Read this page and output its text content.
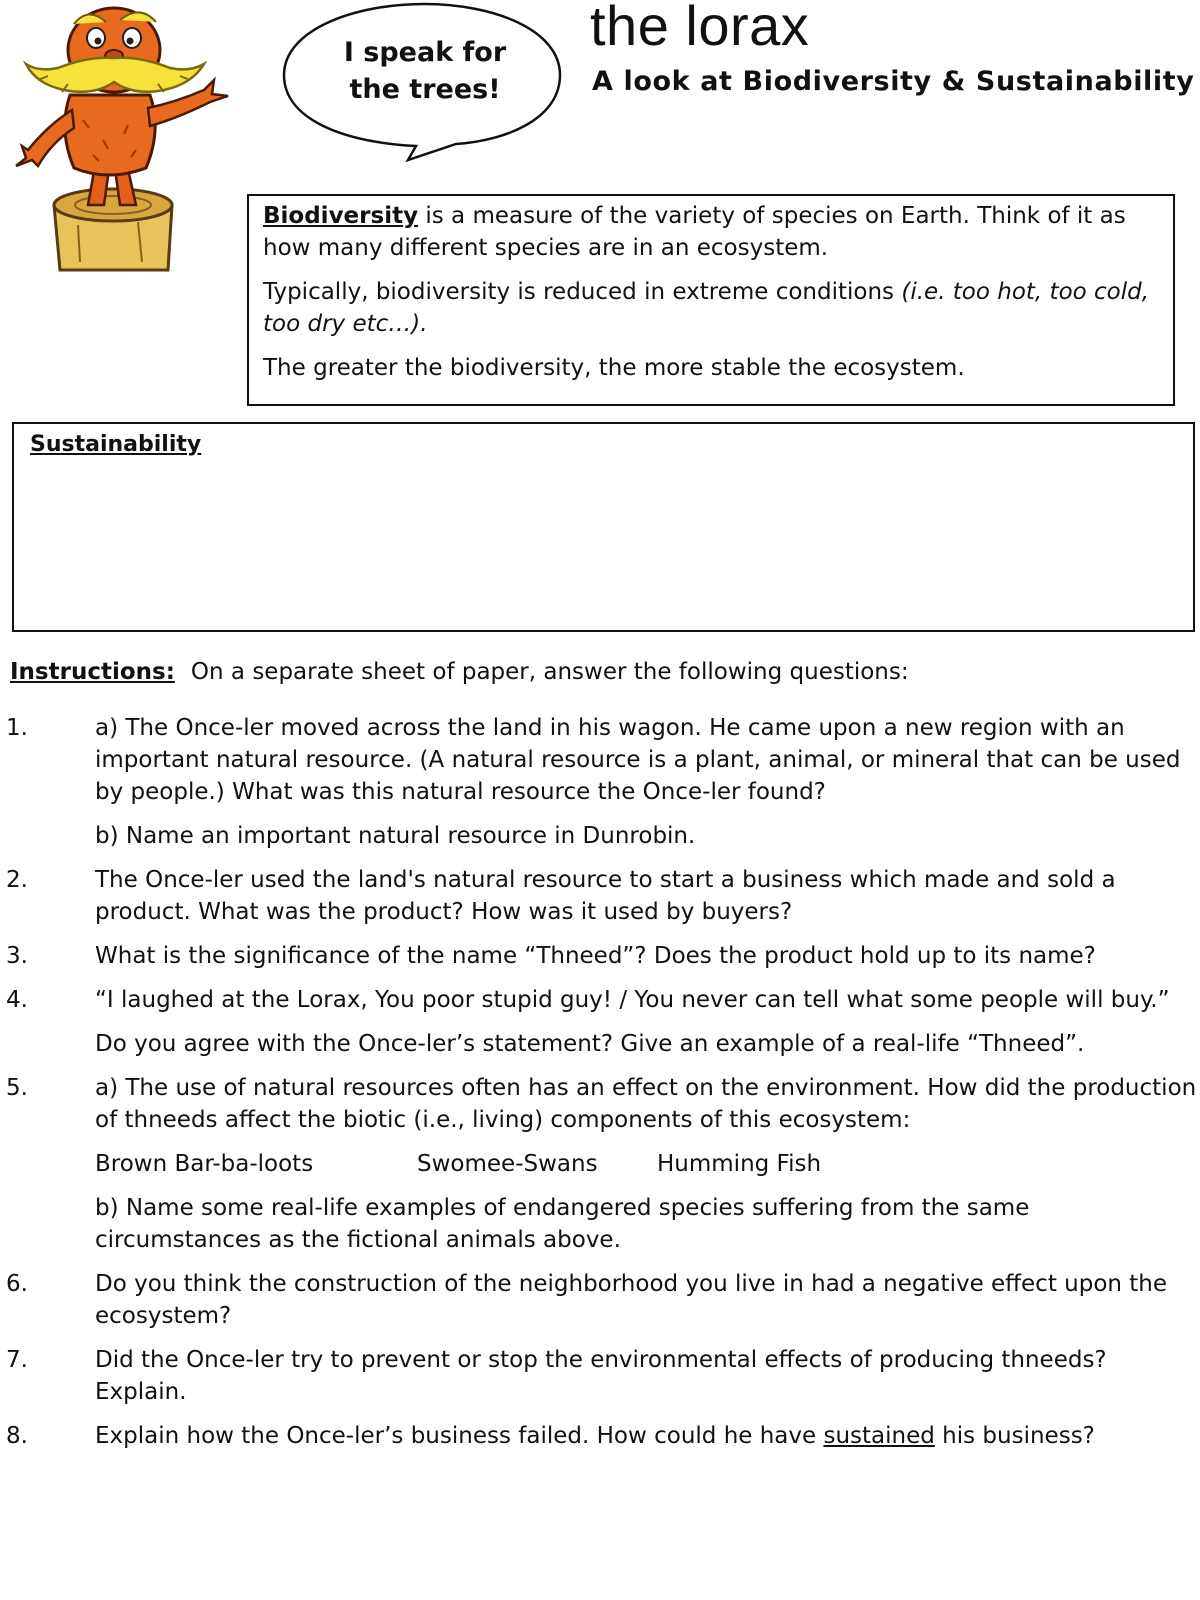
I speak for
the trees!
the lorax
A look at Biodiversity & Sustainability

Biodiversity is a measure of the variety of species on Earth. Think of it as how many different species are in an ecosystem.

Typically, biodiversity is reduced in extreme conditions (i.e. too hot, too cold, too dry etc…).

The greater the biodiversity, the more stable the ecosystem.

Sustainability
Instructions: On a separate sheet of paper, answer the following questions:
1.	a) The Once-ler moved across the land in his wagon. He came upon a new region with an important natural resource. (A natural resource is a plant, animal, or mineral that can be used by people.) What was this natural resource the Once-ler found?

b) Name an important natural resource in Dunrobin.

2.	The Once-ler used the land's natural resource to start a business which made and sold a product. What was the product? How was it used by buyers?

3.	What is the significance of the name “Thneed”? Does the product hold up to its name?

4.	“I laughed at the Lorax, You poor stupid guy! / You never can tell what some people will buy.”

Do you agree with the Once-ler’s statement? Give an example of a real-life “Thneed”.

5.	a) The use of natural resources often has an effect on the environment. How did the production of thneeds affect the biotic (i.e., living) components of this ecosystem:

Brown Bar-ba-loots	Swomee-Swans	Humming Fish

b) Name some real-life examples of endangered species suffering from the same circumstances as the fictional animals above.

6.	Do you think the construction of the neighborhood you live in had a negative effect upon the ecosystem?

7.	Did the Once-ler try to prevent or stop the environmental effects of producing thneeds? Explain.

8.	Explain how the Once-ler’s business failed. How could he have sustained his business?
